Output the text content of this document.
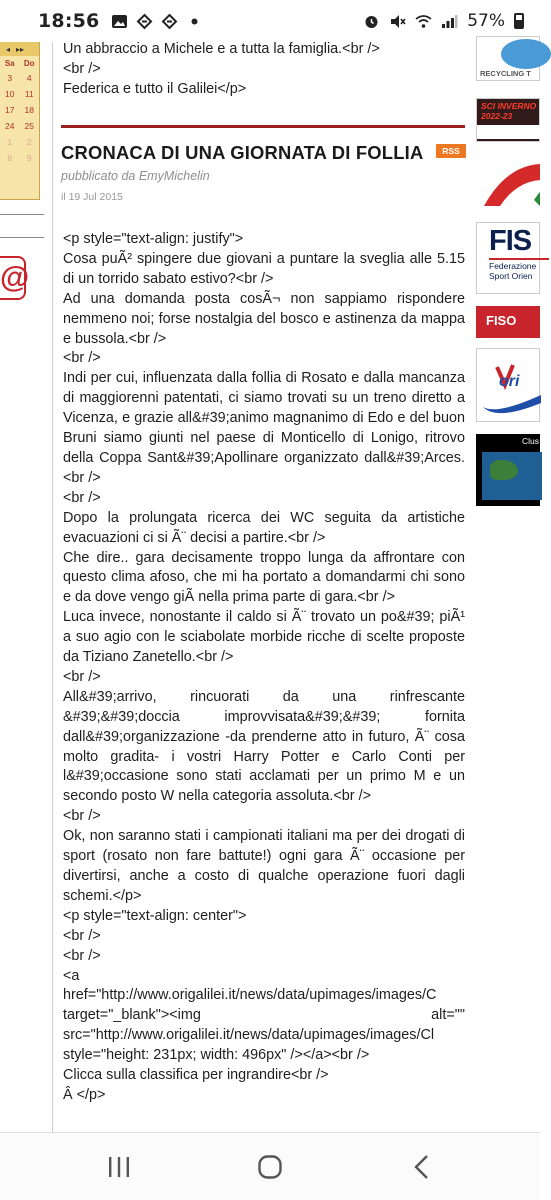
18:56	57%
◂ ▸▸
Sa	Do
3	4
10	11
17	18
24	25
1	2
8	9
@

Un abbraccio a Michele e a tutta la famiglia.<br />

<br />

Federica e tutto il Galilei</p>

CRONACA DI UNA GIORNATA DI FOLLIA	RSS
pubblicato da EmyMichelin
il 19 Jul 2015

<p style="text-align: justify">

Cosa puÃ² spingere due giovani a puntare la sveglia alle 5.15 di un torrido sabato estivo?<br />

Ad una domanda posta cosÃ¬ non sappiamo rispondere nemmeno noi; forse nostalgia del bosco e astinenza da mappa e bussola.<br />

<br />

Indi per cui, influenzata dalla follia di Rosato e dalla mancanza di maggiorenni patentati, ci siamo trovati su un treno diretto a Vicenza, e grazie all&#39;animo magnanimo di Edo e del buon Bruni siamo giunti nel paese di Monticello di Lonigo, ritrovo della Coppa Sant&#39;Apollinare organizzato dall&#39;Arces.<br />

<br />

Dopo la prolungata ricerca dei WC seguita da artistiche evacuazioni ci si Ã¨ decisi a partire.<br />

Che dire.. gara decisamente troppo lunga da affrontare con questo clima afoso, che mi ha portato a domandarmi chi sono e da dove vengo giÃ nella prima parte di gara.<br />

Luca invece, nonostante il caldo si Ã¨ trovato un po&#39; piÃ¹ a suo agio con le sciabolate morbide ricche di scelte proposte da Tiziano Zanetello.<br />

<br />

All&#39;arrivo, rincuorati da una rinfrescante &#39;&#39;doccia improvvisata&#39;&#39; fornita dall&#39;organizzazione -da prenderne atto in futuro, Ã¨ cosa molto gradita- i vostri Harry Potter e Carlo Conti per l&#39;occasione sono stati acclamati per un primo M e un secondo posto W nella categoria assoluta.<br />

<br />

Ok, non saranno stati i campionati italiani ma per dei drogati di sport (rosato non fare battute!) ogni gara Ã¨ occasione per divertirsi, anche a costo di qualche operazione fuori dagli schemi.</p>

<p style="text-align: center">

<br />

<br />

<a

href="http://www.origalilei.it/news/data/upimages/images/C

target="_blank"><img	alt=""

src="http://www.origalilei.it/news/data/upimages/images/Cl

style="height: 231px; width: 496px" /></a><br />

Clicca sulla classifica per ingrandire<br />

Â </p>

RECYCLING T
SCI INVERNO 2022-23
FIS
Federazione
Sport Orien
FISO
ori
Clus
